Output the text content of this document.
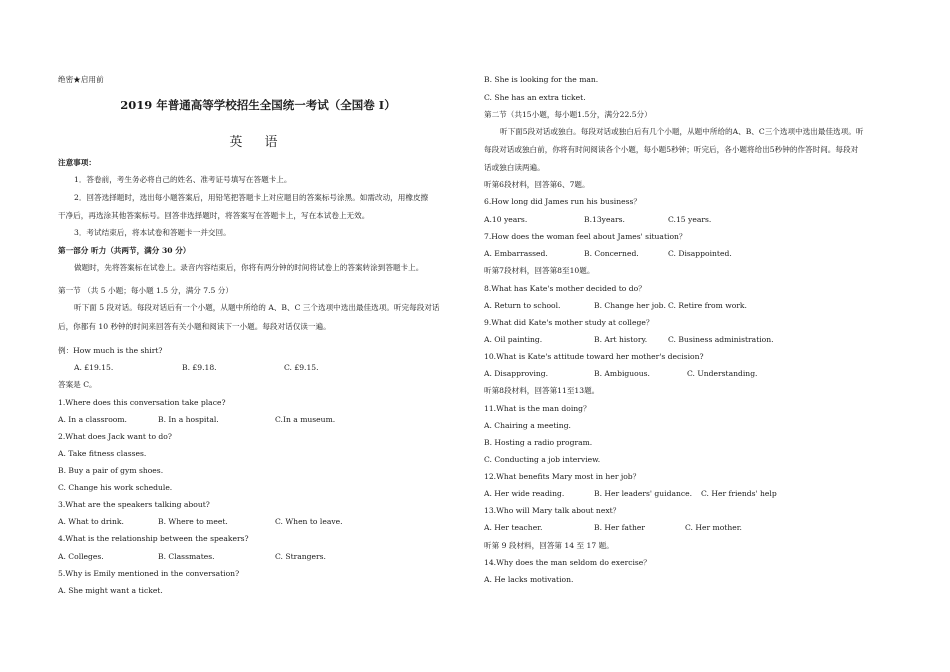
绝密★启用前
2019 年普通高等学校招生全国统一考试（全国卷 I）
英 语
注意事项：
1．答卷前，考生务必将自己的姓名、准考证号填写在答题卡上。
2．回答选择题时，选出每小题答案后，用铅笔把答题卡上对应题目的答案标号涂黑。如需改动，用橡皮擦
干净后，再选涂其他答案标号。回答非选择题时，将答案写在答题卡上，写在本试卷上无效。
3．考试结束后，将本试卷和答题卡一并交回。
第一部分 听力（共两节，满分 30 分）
做题时，先将答案标在试卷上。录音内容结束后，你将有两分钟的时间将试卷上的答案转涂到答题卡上。
第一节 （共 5 小题；每小题 1.5 分，满分 7.5 分）
听下面 5 段对话。每段对话后有一个小题，从题中所给的 A、B、C 三个选项中选出最佳选项。听完每段对话
后，你都有 10 秒钟的时间来回答有关小题和阅读下一小题。每段对话仅读一遍。
例：How much is the shirt?
A. £19.15.	B. £9.18.	C. £9.15.
答案是 C。
1.Where does this conversation take place?
A. In a classroom.	B. In a hospital.	C.In a museum.
2.What does Jack want to do?
A. Take fitness classes.
B. Buy a pair of gym shoes.
C. Change his work schedule.
3.What are the speakers talking about?
A. What to drink.	B. Where to meet.	C. When to leave.
4.What is the relationship between the speakers?
A. Colleges.	B. Classmates.	C. Strangers.
5.Why is Emily mentioned in the conversation?
A. She might want a ticket.
B. She is looking for the man.
C. She has an extra ticket.
第二节（共15小题，每小题1.5分，满分22.5分）
听下面5段对话或独白。每段对话或独白后有几个小题，从题中所给的A、B、C三个选项中选出最佳选项。听
每段对话或独白前，你将有时间阅读各个小题，每小题5秒钟；听完后，各小题将给出5秒钟的作答时间。每段对
话或独白读两遍。
听第6段材料，回答第6、7题。
6.How long did James run his business？
A.10 years.	B.13years.	C.15 years.
7.How does the woman feel about James' situation？
A. Embarrassed.	B. Concerned.	C. Disappointed.
听第7段材料，回答第8至10题。
8.What has Kate's mother decided to do？
A. Return to school.	B. Change her job. C. Retire from work.
9.What did Kate's mother study at college？
A. Oil painting.	B. Art history.	C. Business administration.
10.What is Kate's attitude toward her mother's decision?
A. Disapproving.	B. Ambiguous.	C. Understanding.
听第8段材料，回答第11至13题。
11.What is the man doing？
A. Chairing a meeting.
B. Hosting a radio program.
C. Conducting a job interview.
12.What benefits Mary most in her job？
A. Her wide reading.	B. Her leaders' guidance. C. Her friends' help
13.Who will Mary talk about next？
A. Her teacher.	B. Her father	C. Her mother.
听第 9 段材料，回答第 14 至 17 题。
14.Why does the man seldom do exercise？
A. He lacks motivation.
